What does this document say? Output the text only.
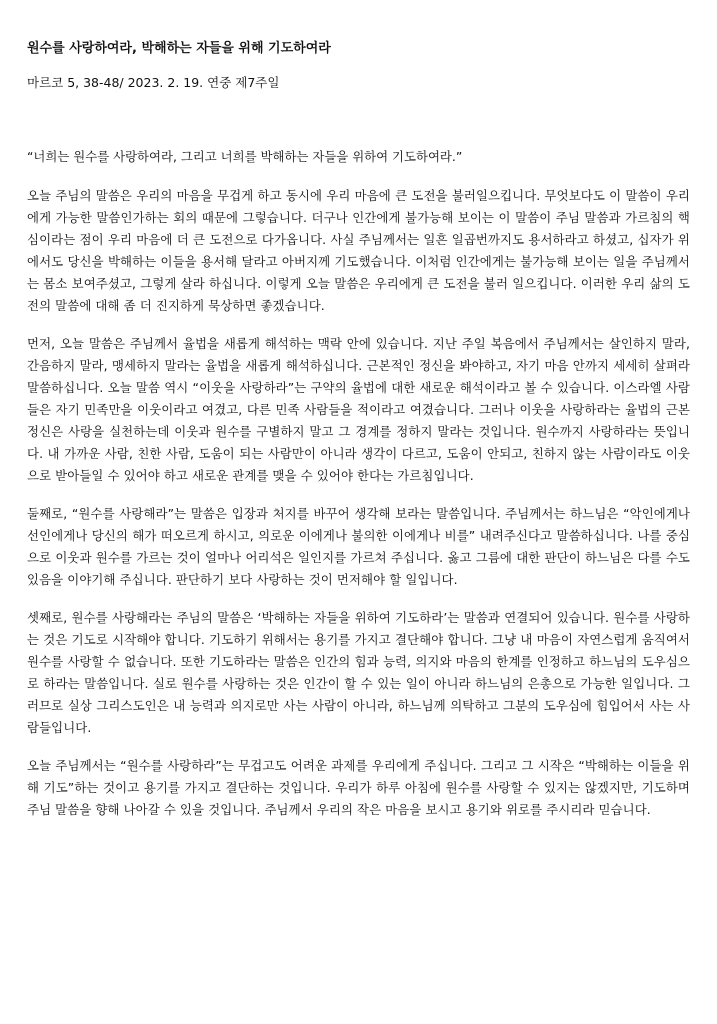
원수를 사랑하여라, 박해하는 자들을 위해 기도하여라
마르코 5, 38-48/ 2023. 2. 19. 연중 제7주일
“너희는 원수를 사랑하여라, 그리고 너희를 박해하는 자들을 위하여 기도하여라.”

오늘 주님의 말씀은 우리의 마음을 무겁게 하고 동시에 우리 마음에 큰 도전을 불러일으킵니다. 무엇보다도 이 말씀이 우리에게 가능한 말씀인가하는 회의 때문에 그렇습니다. 더구나 인간에게 불가능해 보이는 이 말씀이 주님 말씀과 가르침의 핵심이라는 점이 우리 마음에 더 큰 도전으로 다가옵니다. 사실 주님께서는 일흔 일곱번까지도 용서하라고 하셨고, 십자가 위에서도 당신을 박해하는 이들을 용서해 달라고 아버지께 기도했습니다. 이처럼 인간에게는 불가능해 보이는 일을 주님께서는 몸소 보여주셨고, 그렇게 살라 하십니다. 이렇게 오늘 말씀은 우리에게 큰 도전을 불러 일으킵니다. 이러한 우리 삶의 도전의 말씀에 대해 좀 더 진지하게 묵상하면 좋겠습니다.

먼저, 오늘 말씀은 주님께서 율법을 새롭게 해석하는 맥락 안에 있습니다. 지난 주일 복음에서 주님께서는 살인하지 말라, 간음하지 말라, 맹세하지 말라는 율법을 새롭게 해석하십니다. 근본적인 정신을 봐야하고, 자기 마음 안까지 세세히 살펴라 말씀하십니다. 오늘 말씀 역시 “이웃을 사랑하라”는 구약의 율법에 대한 새로운 해석이라고 볼 수 있습니다. 이스라엘 사람들은 자기 민족만을 이웃이라고 여겼고, 다른 민족 사람들을 적이라고 여겼습니다. 그러나 이웃을 사랑하라는 율법의 근본 정신은 사랑을 실천하는데 이웃과 원수를 구별하지 말고 그 경계를 정하지 말라는 것입니다. 원수까지 사랑하라는 뜻입니다. 내 가까운 사람, 친한 사람, 도움이 되는 사람만이 아니라 생각이 다르고, 도움이 안되고, 친하지 않는 사람이라도 이웃으로 받아들일 수 있어야 하고 새로운 관계를 맺을 수 있어야 한다는 가르침입니다.

둘째로, “원수를 사랑해라”는 말씀은 입장과 처지를 바꾸어 생각해 보라는 말씀입니다. 주님께서는 하느님은 “악인에게나 선인에게나 당신의 해가 떠오르게 하시고, 의로운 이에게나 불의한 이에게나 비를” 내려주신다고 말씀하십니다. 나를 중심으로 이웃과 원수를 가르는 것이 얼마나 어리석은 일인지를 가르쳐 주십니다. 옳고 그름에 대한 판단이 하느님은 다를 수도 있음을 이야기해 주십니다. 판단하기 보다 사랑하는 것이 먼저해야 할 일입니다.

셋째로, 원수를 사랑해라는 주님의 말씀은 ‘박해하는 자들을 위하여 기도하라’는 말씀과 연결되어 있습니다. 원수를 사랑하는 것은 기도로 시작해야 합니다. 기도하기 위해서는 용기를 가지고 결단해야 합니다. 그냥 내 마음이 자연스럽게 움직여서 원수를 사랑할 수 없습니다. 또한 기도하라는 말씀은 인간의 힘과 능력, 의지와 마음의 한계를 인정하고 하느님의 도우심으로 하라는 말씀입니다. 실로 원수를 사랑하는 것은 인간이 할 수 있는 일이 아니라 하느님의 은총으로 가능한 일입니다. 그러므로 실상 그리스도인은 내 능력과 의지로만 사는 사람이 아니라, 하느님께 의탁하고 그분의 도우심에 힘입어서 사는 사람들입니다.

오늘 주님께서는 “원수를 사랑하라”는 무겁고도 어려운 과제를 우리에게 주십니다. 그리고 그 시작은 “박해하는 이들을 위해 기도”하는 것이고 용기를 가지고 결단하는 것입니다. 우리가 하루 아침에 원수를 사랑할 수 있지는 않겠지만, 기도하며 주님 말씀을 향해 나아갈 수 있을 것입니다. 주님께서 우리의 작은 마음을 보시고 용기와 위로를 주시리라 믿습니다.
